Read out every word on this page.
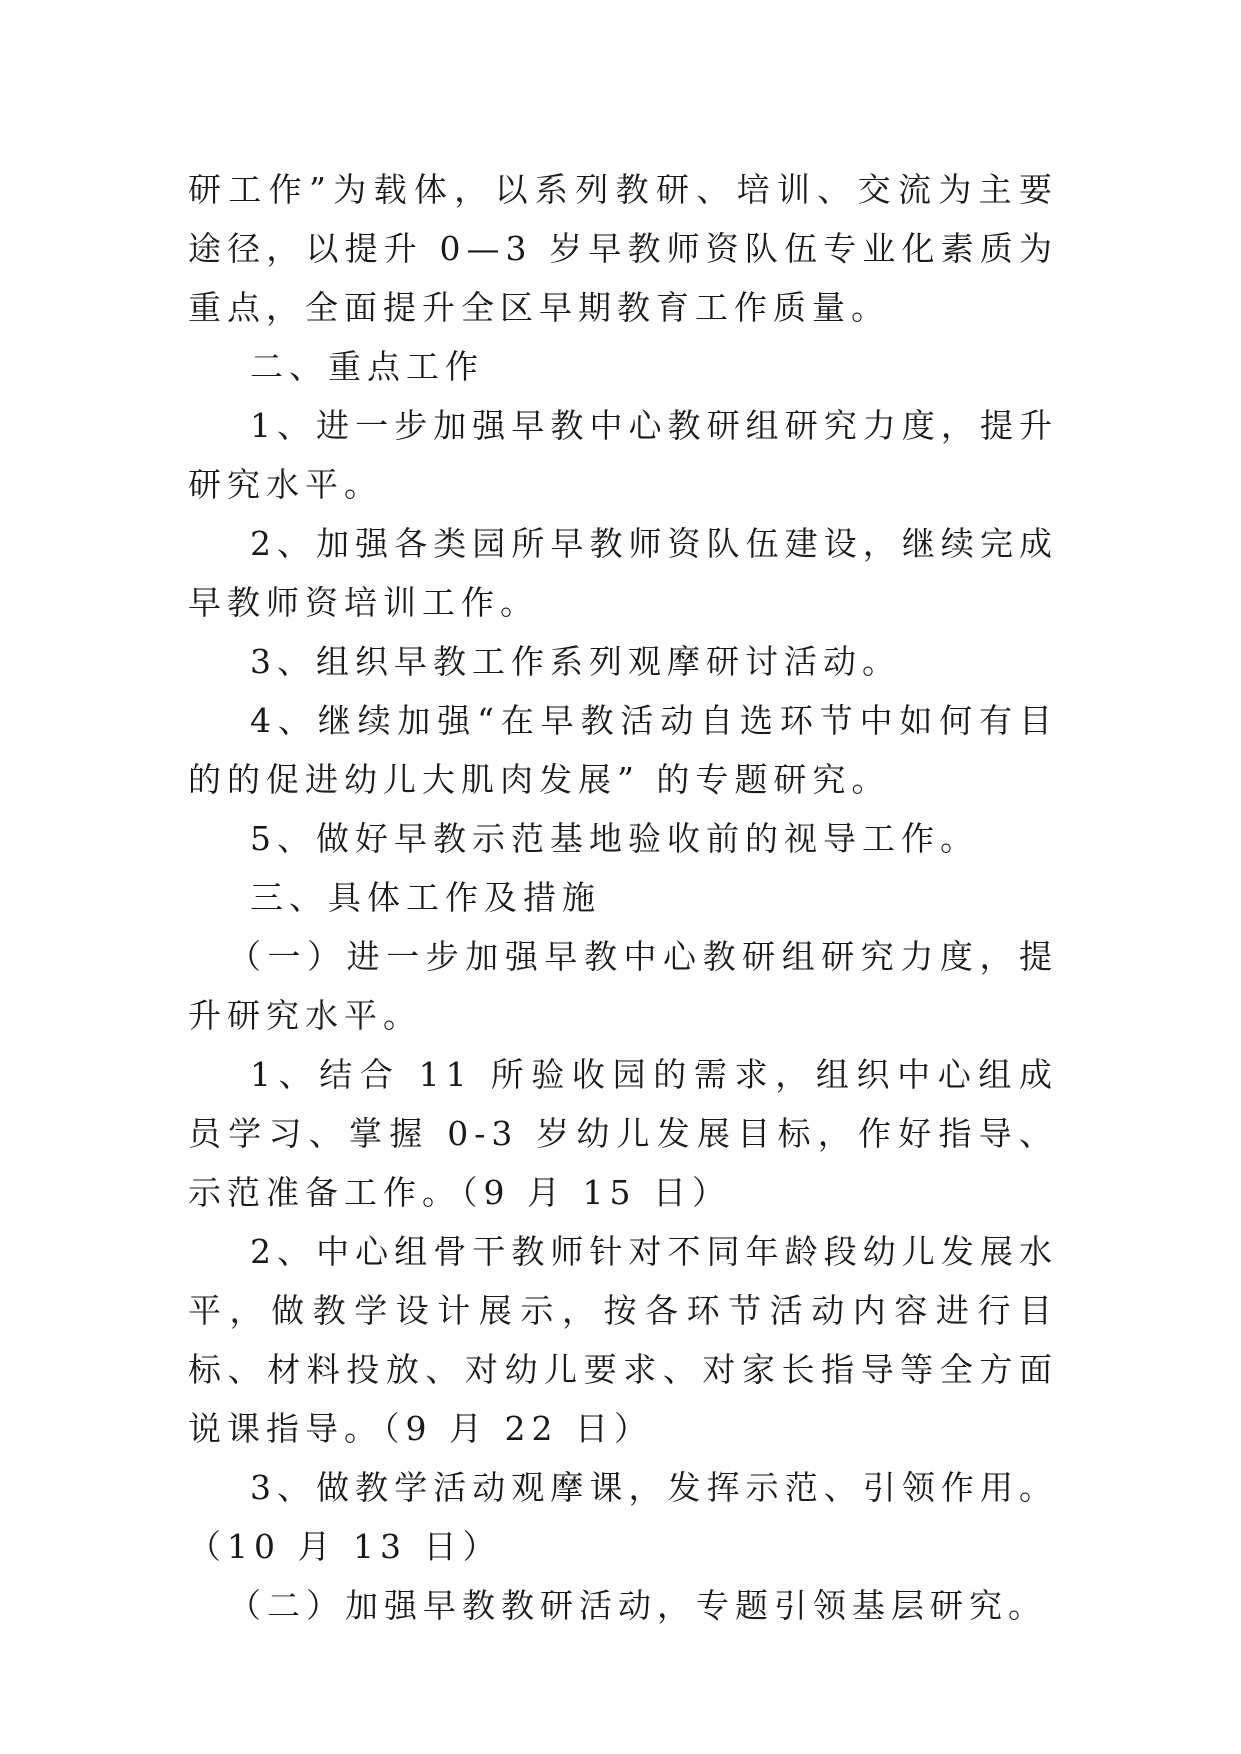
研工作”为载体，以系列教研、培训、交流为主要途径，以提升 0—3 岁早教师资队伍专业化素质为重点，全面提升全区早期教育工作质量。

二、重点工作

1、进一步加强早教中心教研组研究力度，提升研究水平。

2、加强各类园所早教师资队伍建设，继续完成早教师资培训工作。

3、组织早教工作系列观摩研讨活动。

4、继续加强“在早教活动自选环节中如何有目的的促进幼儿大肌肉发展” 的专题研究。

5、做好早教示范基地验收前的视导工作。

三、具体工作及措施

（一）进一步加强早教中心教研组研究力度，提升研究水平。

1、结合 11 所验收园的需求，组织中心组成员学习、掌握 0-3 岁幼儿发展目标，作好指导、示范准备工作。（9 月 15 日）

2、中心组骨干教师针对不同年龄段幼儿发展水平，做教学设计展示，按各环节活动内容进行目标、材料投放、对幼儿要求、对家长指导等全方面说课指导。（9 月 22 日）

3、做教学活动观摩课，发挥示范、引领作用。（10 月 13 日）

（二）加强早教教研活动，专题引领基层研究。
